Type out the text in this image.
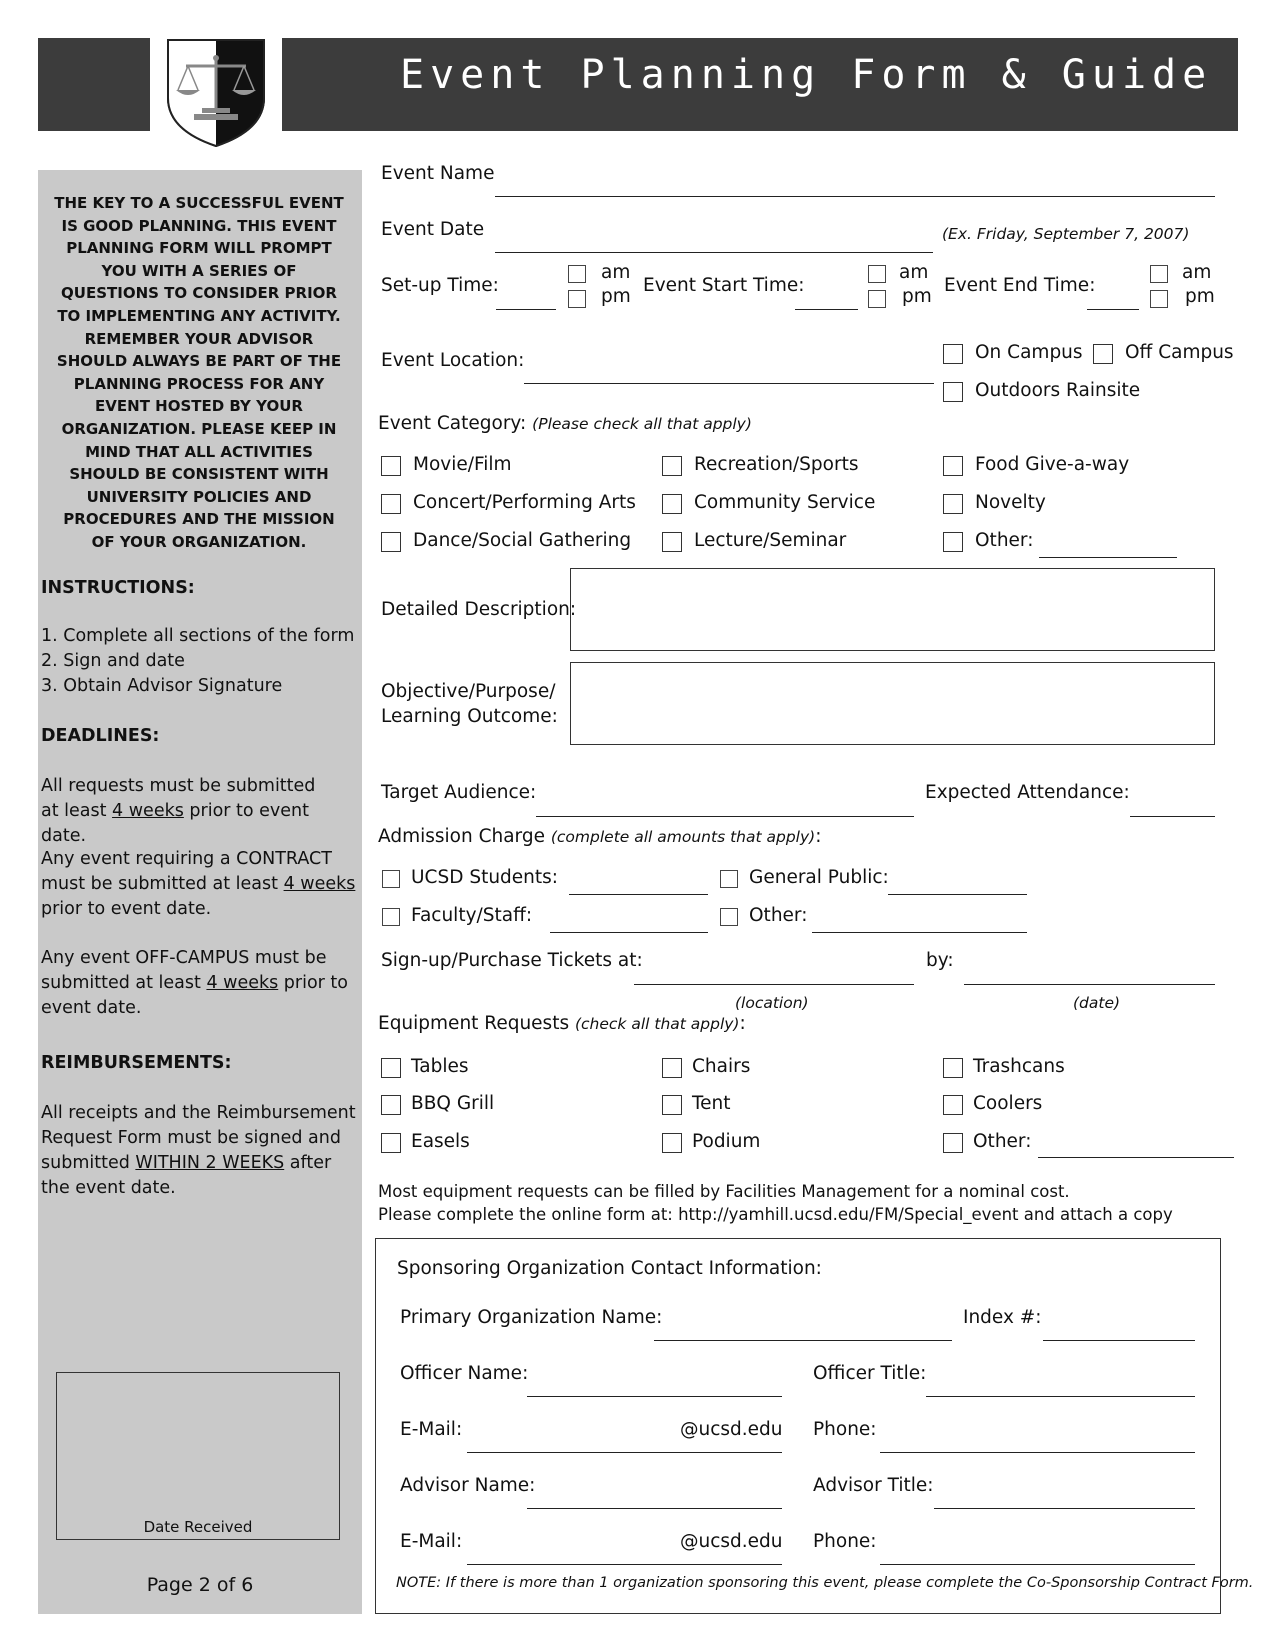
Event Planning Form & Guide
THE KEY TO A SUCCESSFUL EVENT IS GOOD PLANNING. THIS EVENT PLANNING FORM WILL PROMPT YOU WITH A SERIES OF QUESTIONS TO CONSIDER PRIOR TO IMPLEMENTING ANY ACTIVITY. REMEMBER YOUR ADVISOR SHOULD ALWAYS BE PART OF THE PLANNING PROCESS FOR ANY EVENT HOSTED BY YOUR ORGANIZATION. PLEASE KEEP IN MIND THAT ALL ACTIVITIES SHOULD BE CONSISTENT WITH UNIVERSITY POLICIES AND PROCEDURES AND THE MISSION OF YOUR ORGANIZATION.
INSTRUCTIONS:
1. Complete all sections of the form
2. Sign and date
3. Obtain Advisor Signature
DEADLINES:
All requests must be submitted
at least 4 weeks prior to event date.
Any event requiring a CONTRACT
must be submitted at least 4 weeks
prior to event date.
Any event OFF-CAMPUS must be
submitted at least 4 weeks prior to
event date.
REIMBURSEMENTS:
All receipts and the Reimbursement
Request Form must be signed and
submitted WITHIN 2 WEEKS after
the event date.
Date Received
Page 2 of 6
Event Name
Event Date	(Ex. Friday, September 7, 2007)
Set-up Time:
am
pm
Event Start Time:
am
pm
Event End Time:
am
pm
Event Location:	On Campus Off Campus
Outdoors Rainsite
Event Category: (Please check all that apply)
Movie/Film	Recreation/Sports	Food Give-a-way
Concert/Performing Arts	Community Service	Novelty
Dance/Social Gathering	Lecture/Seminar	Other:
Detailed Description:
Objective/Purpose/
Learning Outcome:
Target Audience:	Expected Attendance:
Admission Charge (complete all amounts that apply):
UCSD Students:	General Public:
Faculty/Staff:	Other:
Sign-up/Purchase Tickets at:	by:
(location)	(date)
Equipment Requests (check all that apply):
Tables	Chairs	Trashcans
BBQ Grill	Tent	Coolers
Easels	Podium	Other:
Most equipment requests can be filled by Facilities Management for a nominal cost.
Please complete the online form at: http://yamhill.ucsd.edu/FM/Special_event and attach a copy
Sponsoring Organization Contact Information:
Primary Organization Name:	Index #:
Officer Name:	Officer Title:
E-Mail:	@ucsd.edu Phone:
Advisor Name:	Advisor Title:
E-Mail:	@ucsd.edu Phone:
NOTE: If there is more than 1 organization sponsoring this event, please complete the Co-Sponsorship Contract Form.
